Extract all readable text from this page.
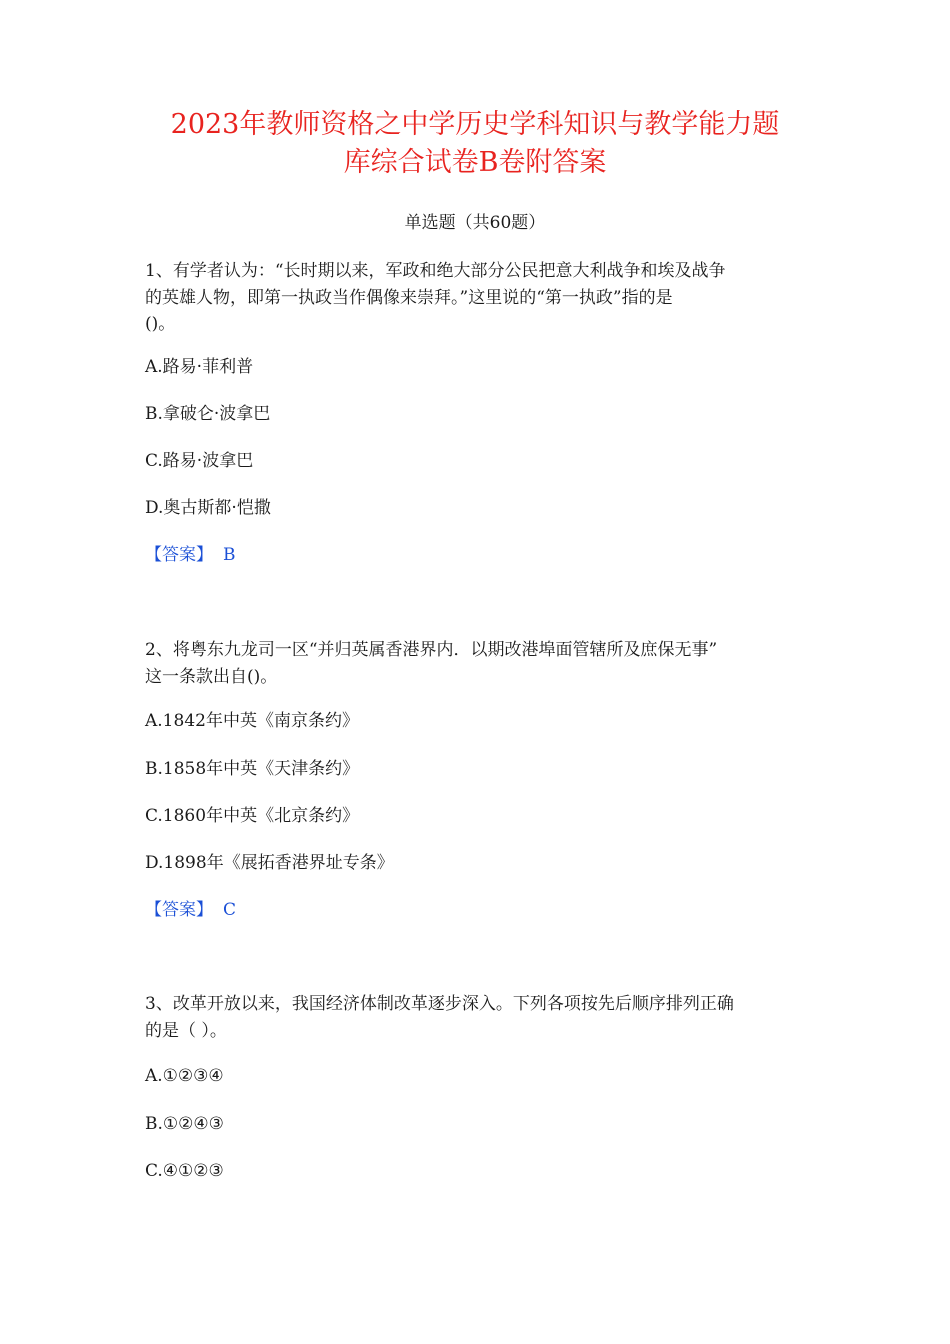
2023年教师资格之中学历史学科知识与教学能力题
库综合试卷B卷附答案
单选题（共60题）
1、有学者认为：“长时期以来，军政和绝大部分公民把意大利战争和埃及战争
的英雄人物，即第一执政当作偶像来崇拜。”这里说的“第一执政”指的是
()。
A.路易·菲利普
B.拿破仑·波拿巴
C.路易·波拿巴
D.奥古斯都·恺撒
【答案】 B
2、将粤东九龙司一区“并归英属香港界内．以期改港埠面管辖所及庶保无事”
这一条款出自()。
A.1842年中英《南京条约》
B.1858年中英《天津条约》
C.1860年中英《北京条约》
D.1898年《展拓香港界址专条》
【答案】 C
3、改革开放以来，我国经济体制改革逐步深入。下列各项按先后顺序排列正确
的是（ ）。
A.①②③④
B.①②④③
C.④①②③
